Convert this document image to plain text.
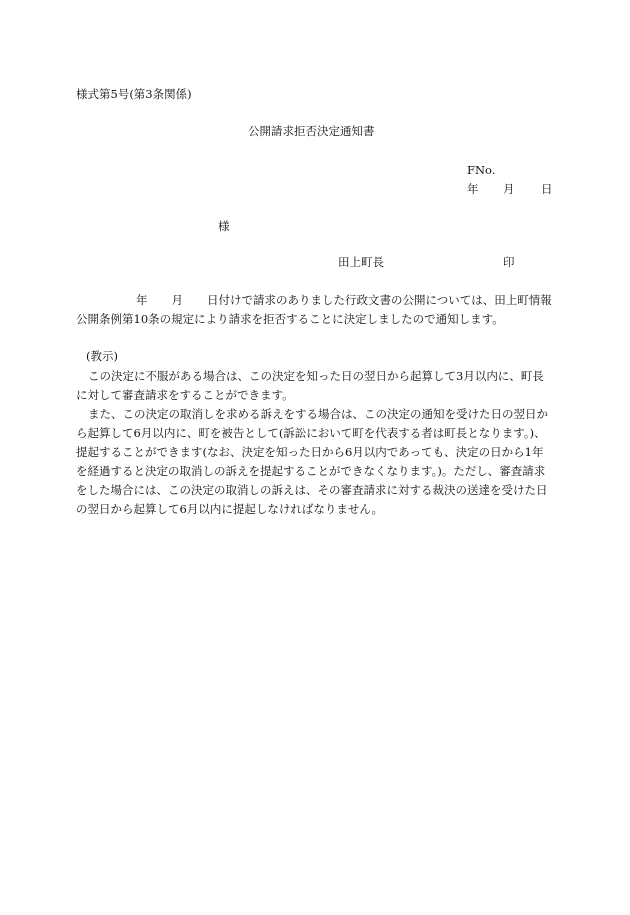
様式第5号(第3条関係)
公開請求拒否決定通知書
FNo.
年 月 日
様
田上町長	印
年 月 日付けで請求のありました行政文書の公開については、田上町情報公開条例第10条の規定により請求を拒否することに決定しましたので通知します。
(教示)
この決定に不服がある場合は、この決定を知った日の翌日から起算して3月以内に、町長に対して審査請求をすることができます。
また、この決定の取消しを求める訴えをする場合は、この決定の通知を受けた日の翌日から起算して6月以内に、町を被告として(訴訟において町を代表する者は町長となります。)、提起することができます(なお、決定を知った日から6月以内であっても、決定の日から1年を経過すると決定の取消しの訴えを提起することができなくなります。)。ただし、審査請求をした場合には、この決定の取消しの訴えは、その審査請求に対する裁決の送達を受けた日の翌日から起算して6月以内に提起しなければなりません。
